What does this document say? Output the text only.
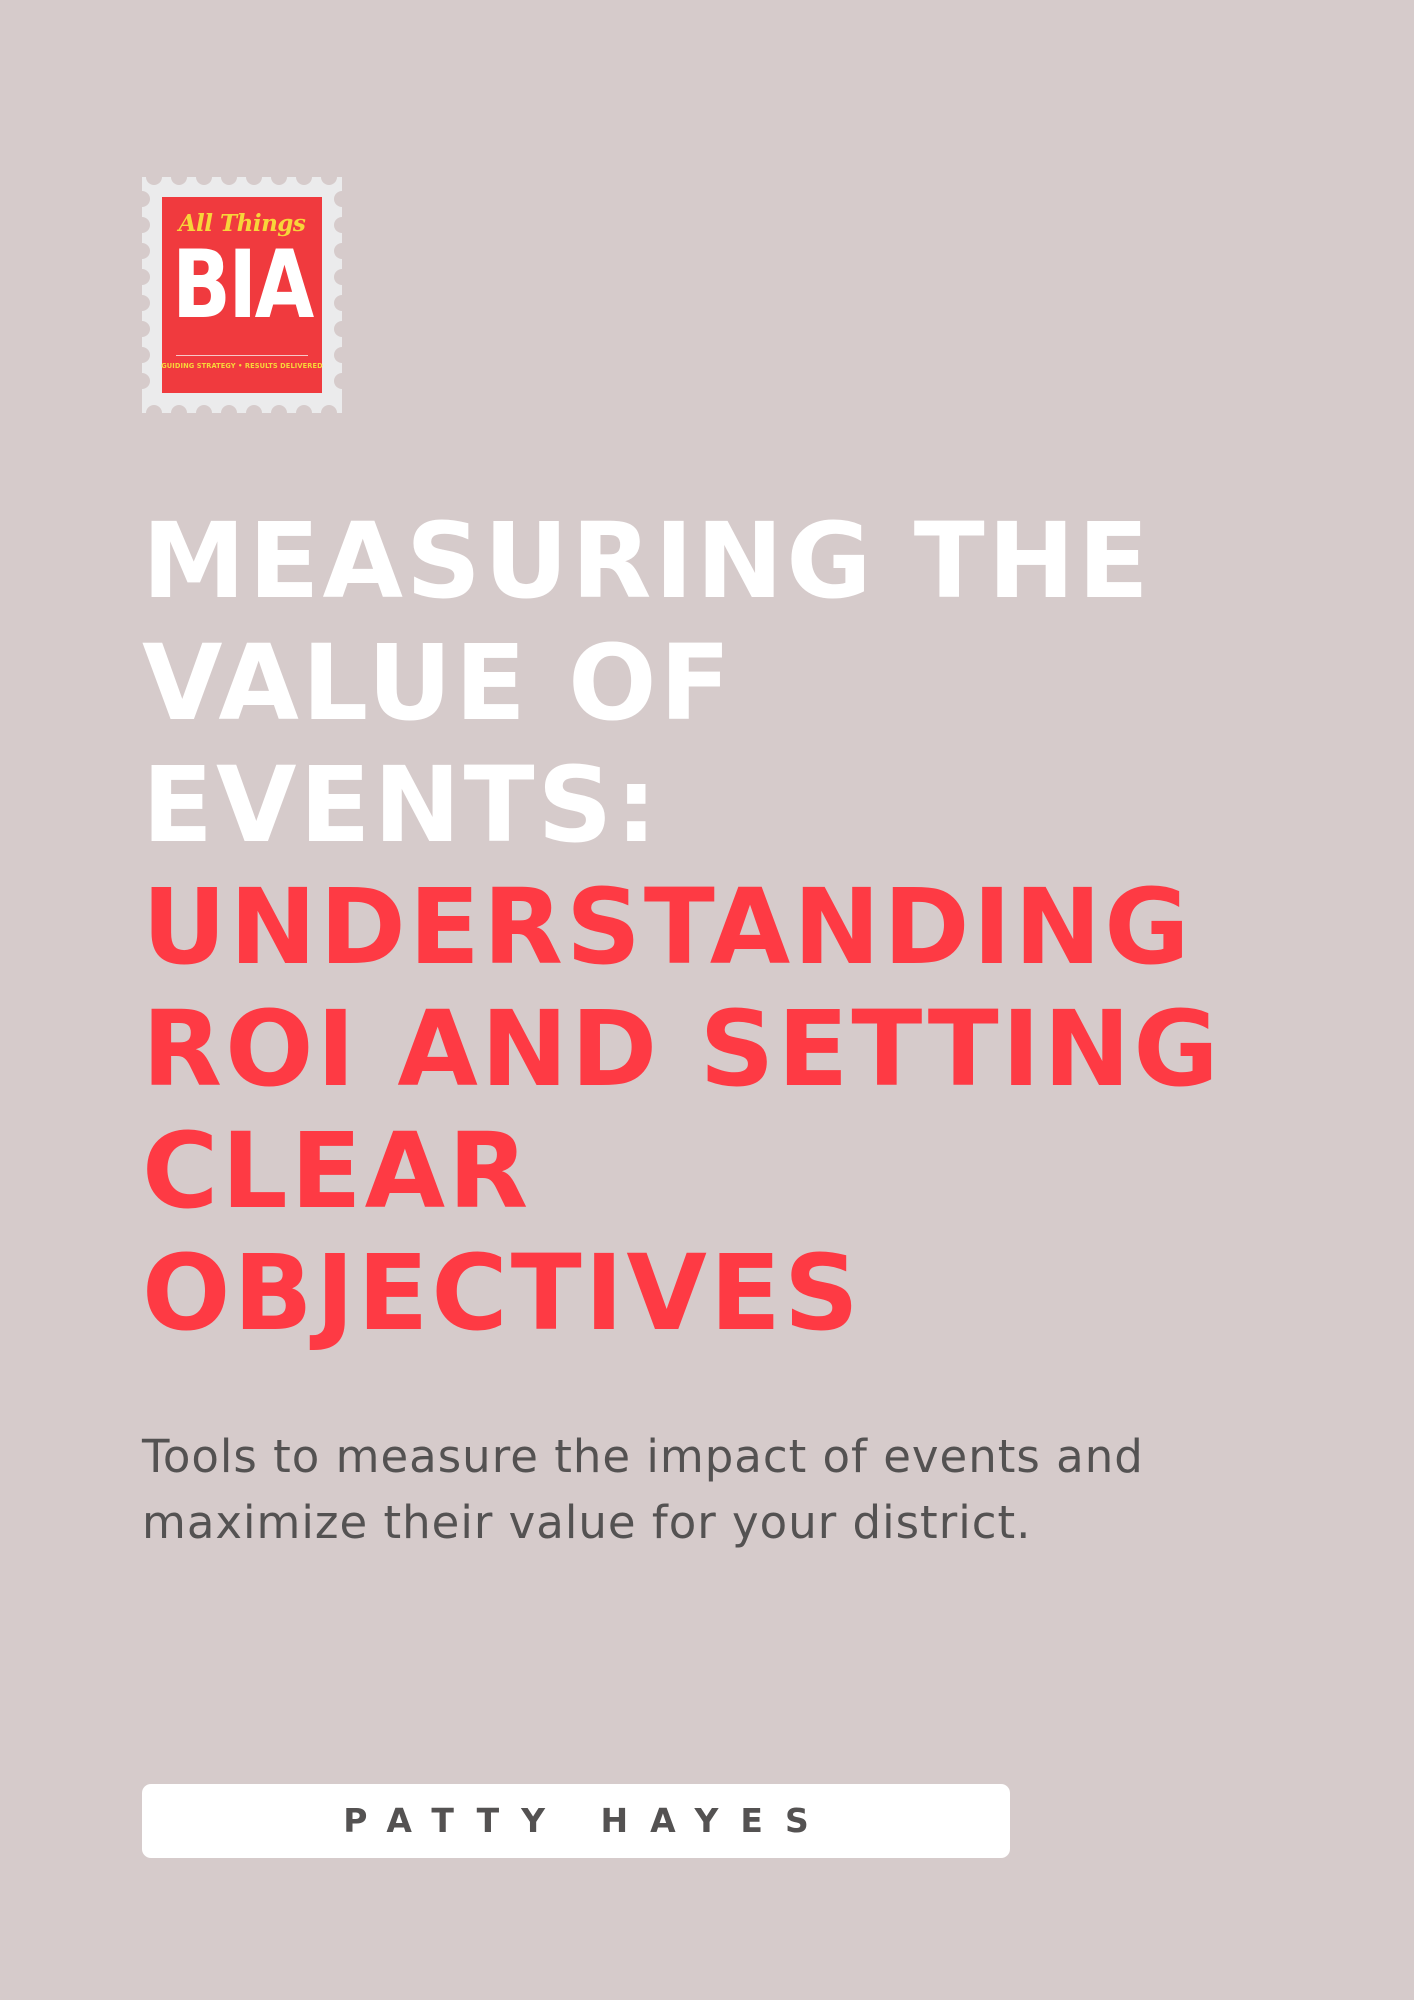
All Things
BIA
GUIDING STRATEGY • RESULTS DELIVERED
MEASURING THE
VALUE OF
EVENTS:
UNDERSTANDING
ROI AND SETTING
CLEAR
OBJECTIVES

Tools to measure the impact of events and
maximize their value for your district.

PATTY HAYES
